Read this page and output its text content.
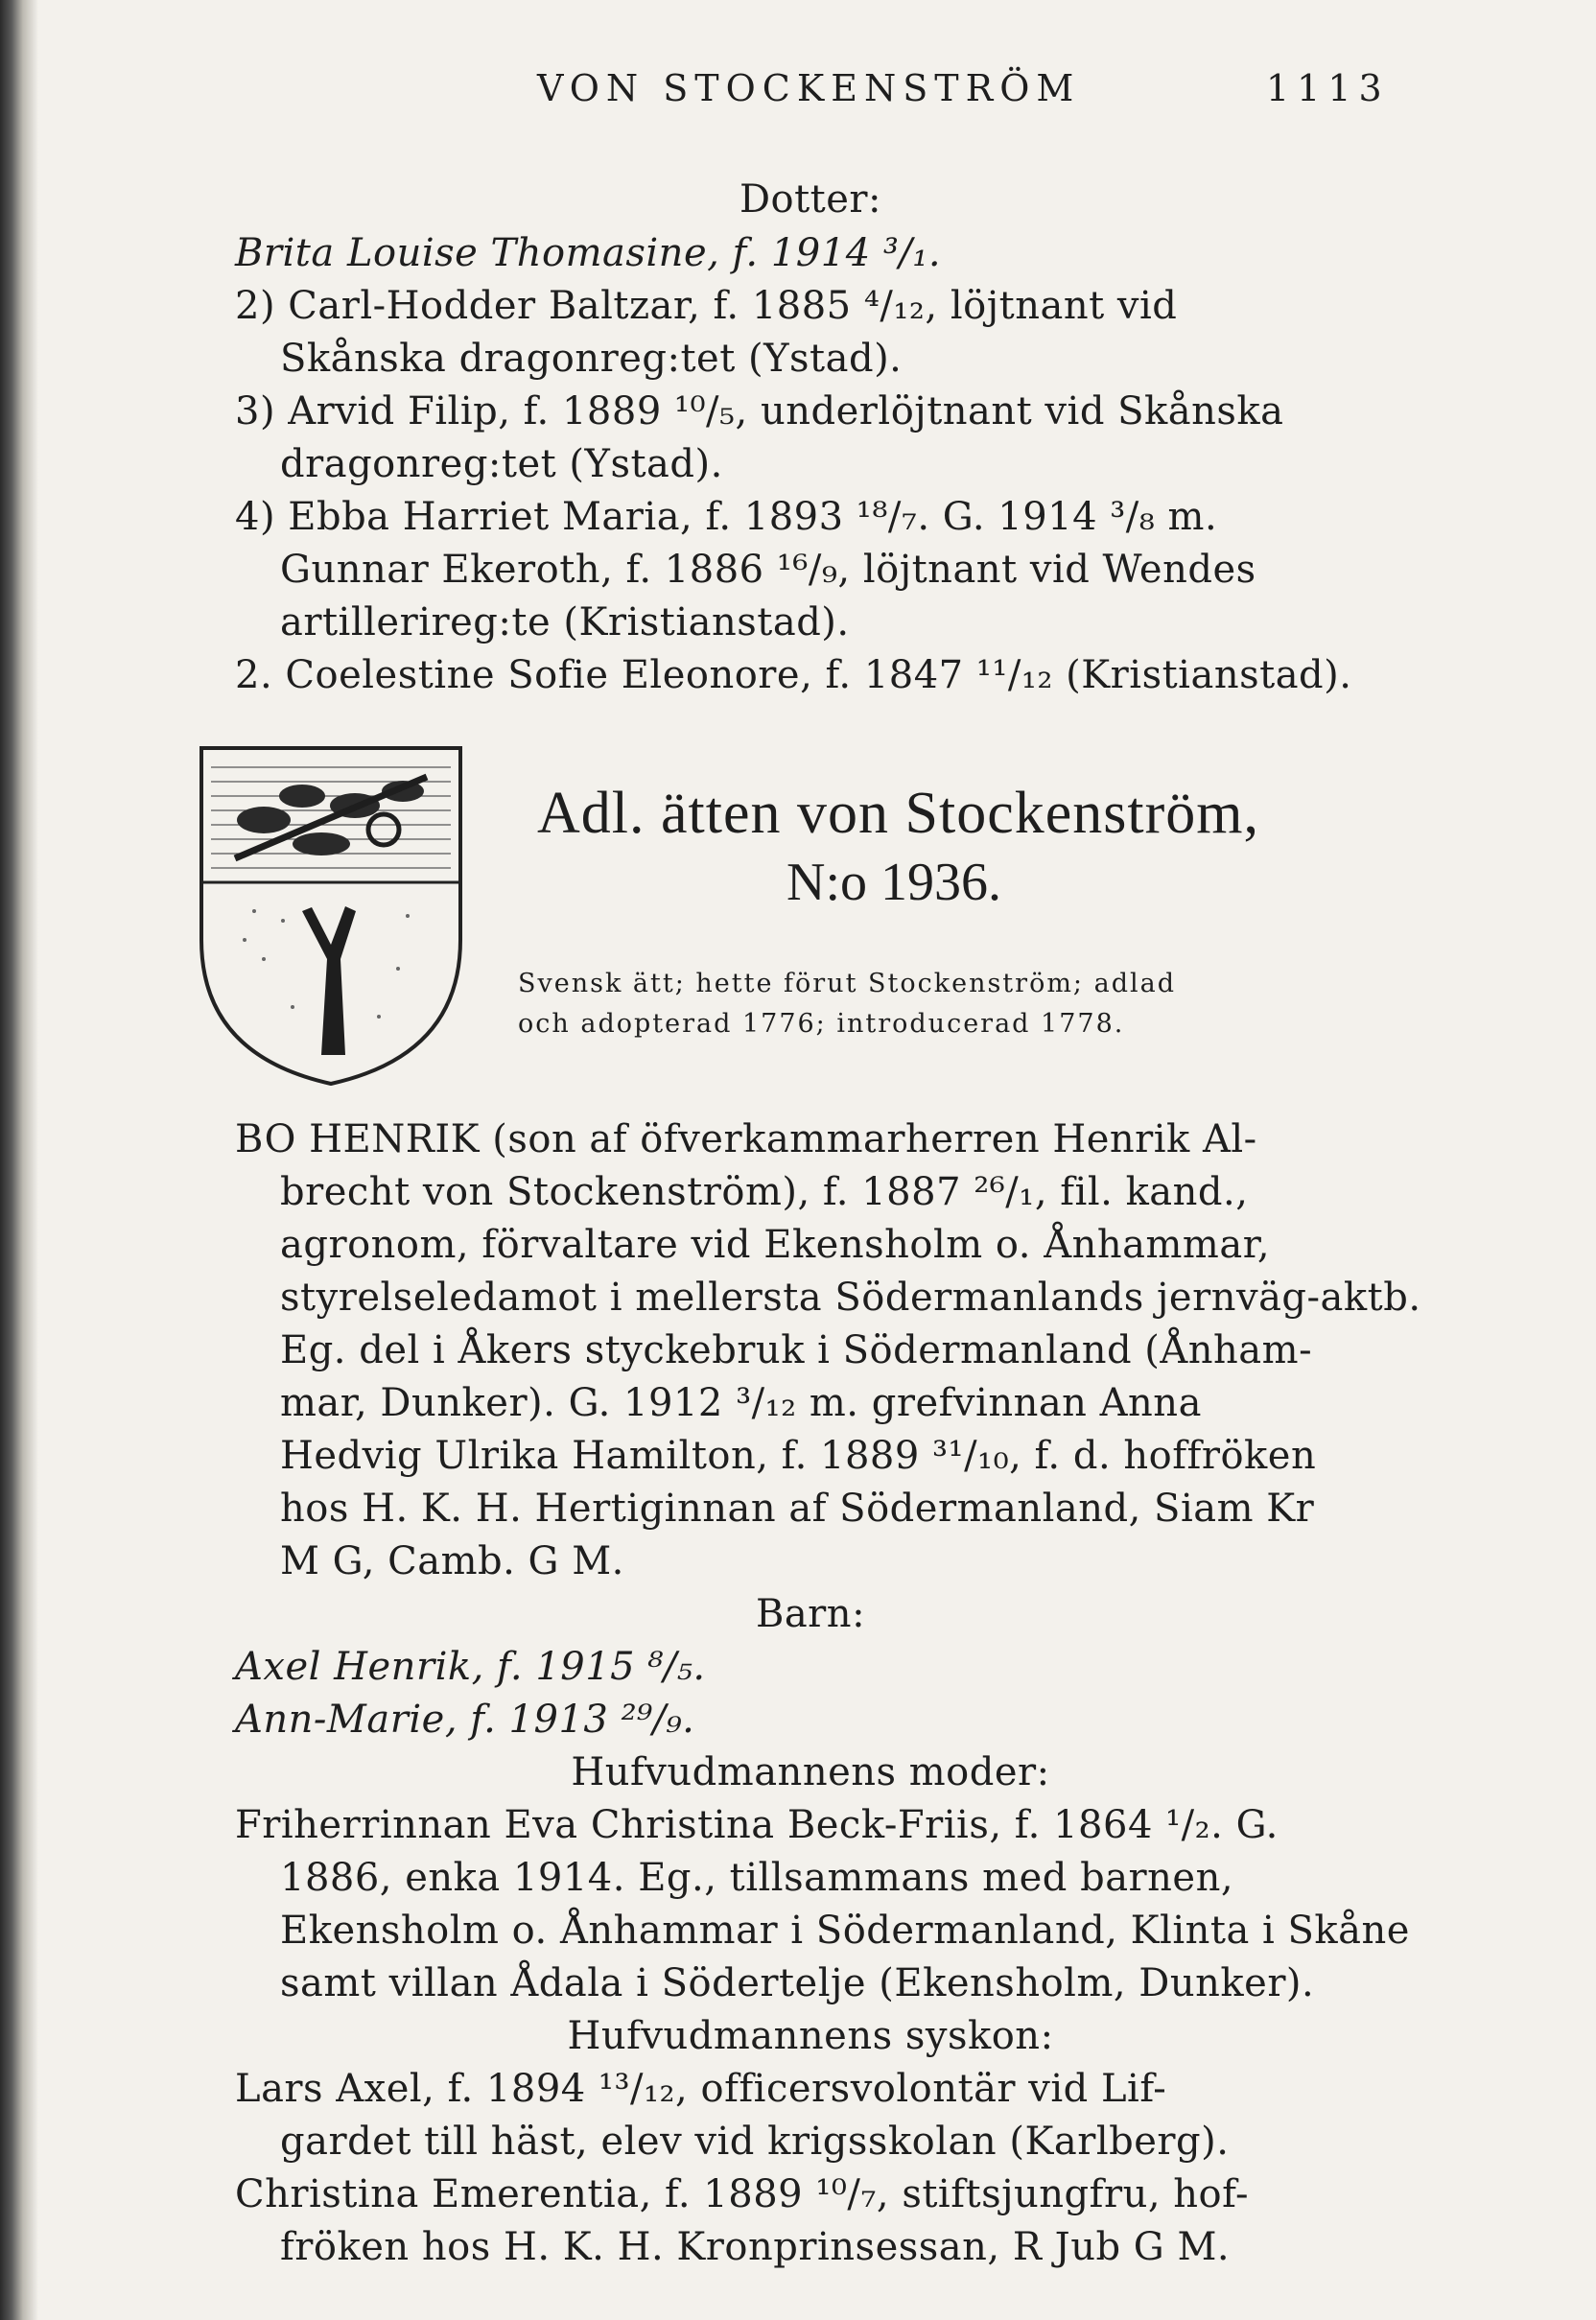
VON STOCKENSTRÖM	1113
Dotter:
Brita Louise Thomasine, f. 1914 ³/₁.
2) Carl-Hodder Baltzar, f. 1885 ⁴/₁₂, löjtnant vid
Skånska dragonreg:tet (Ystad).
3) Arvid Filip, f. 1889 ¹⁰/₅, underlöjtnant vid Skånska
dragonreg:tet (Ystad).
4) Ebba Harriet Maria, f. 1893 ¹⁸/₇. G. 1914 ³/₈ m.
Gunnar Ekeroth, f. 1886 ¹⁶/₉, löjtnant vid Wendes
artillerireg:te (Kristianstad).
2. Coelestine Sofie Eleonore, f. 1847 ¹¹/₁₂ (Kristianstad).
Adl. ätten von Stockenström,
N:o 1936.
Svensk ätt; hette förut Stockenström; adlad
och adopterad 1776; introducerad 1778.
BO HENRIK (son af öfverkammarherren Henrik Al-
brecht von Stockenström), f. 1887 ²⁶/₁, fil. kand.,
agronom, förvaltare vid Ekensholm o. Ånhammar,
styrelseledamot i mellersta Södermanlands jernväg-aktb.
Eg. del i Åkers styckebruk i Södermanland (Ånham-
mar, Dunker). G. 1912 ³/₁₂ m. grefvinnan Anna
Hedvig Ulrika Hamilton, f. 1889 ³¹/₁₀, f. d. hoffröken
hos H. K. H. Hertiginnan af Södermanland, Siam Kr
M G, Camb. G M.
Barn:
Axel Henrik, f. 1915 ⁸/₅.
Ann-Marie, f. 1913 ²⁹/₉.
Hufvudmannens moder:
Friherrinnan Eva Christina Beck-Friis, f. 1864 ¹/₂. G.
1886, enka 1914. Eg., tillsammans med barnen,
Ekensholm o. Ånhammar i Södermanland, Klinta i Skåne
samt villan Ådala i Södertelje (Ekensholm, Dunker).
Hufvudmannens syskon:
Lars Axel, f. 1894 ¹³/₁₂, officersvolontär vid Lif-
gardet till häst, elev vid krigsskolan (Karlberg).
Christina Emerentia, f. 1889 ¹⁰/₇, stiftsjungfru, hof-
fröken hos H. K. H. Kronprinsessan, R Jub G M.
